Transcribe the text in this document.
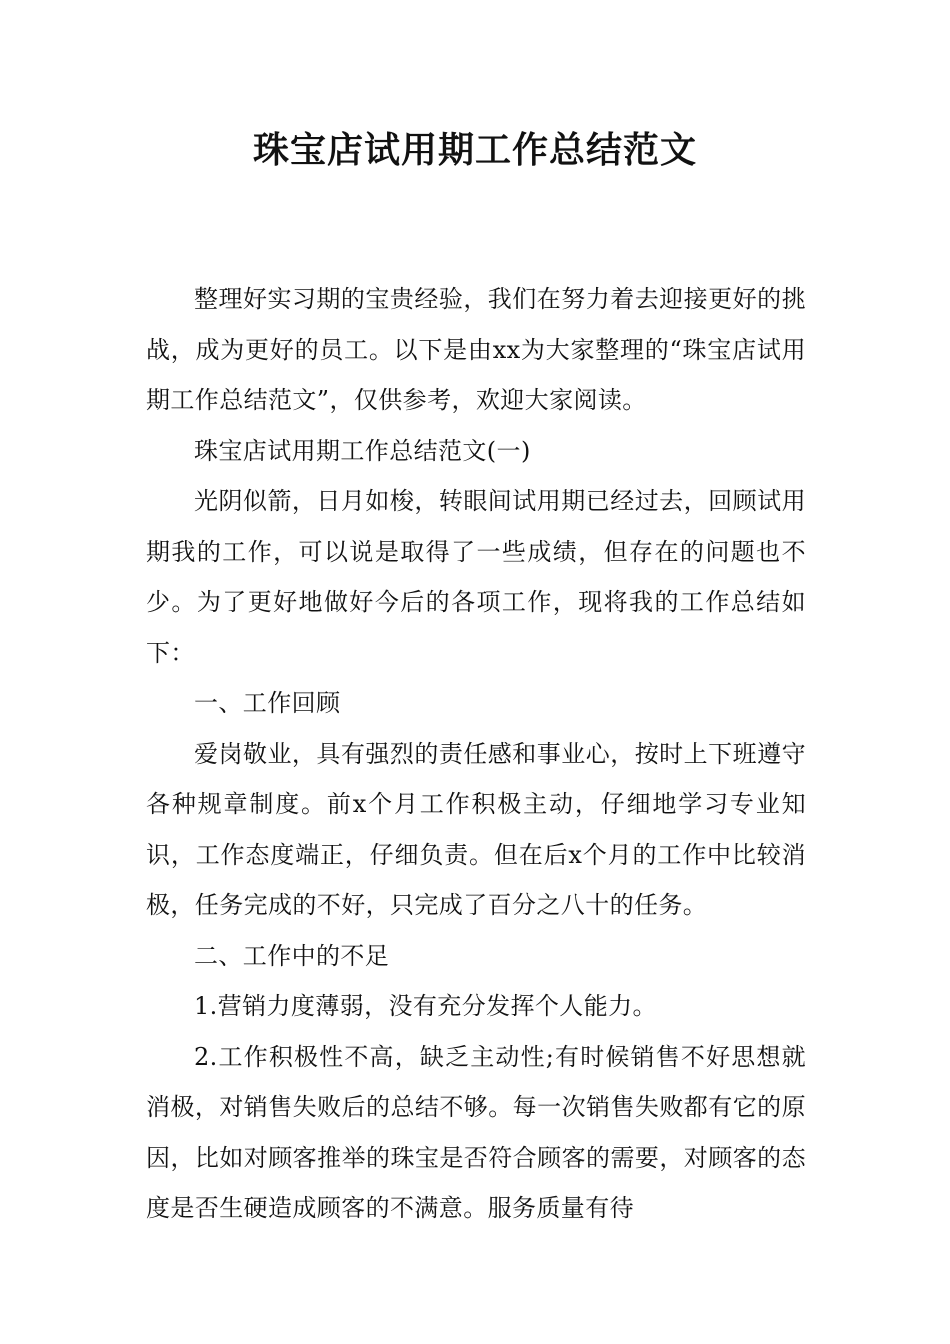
珠宝店试用期工作总结范文

整理好实习期的宝贵经验，我们在努力着去迎接更好的挑战，成为更好的员工。以下是由xx为大家整理的“珠宝店试用期工作总结范文”，仅供参考，欢迎大家阅读。

珠宝店试用期工作总结范文(一)

光阴似箭，日月如梭，转眼间试用期已经过去，回顾试用期我的工作，可以说是取得了一些成绩，但存在的问题也不少。为了更好地做好今后的各项工作，现将我的工作总结如下：

一、工作回顾

爱岗敬业，具有强烈的责任感和事业心，按时上下班遵守各种规章制度。前x个月工作积极主动，仔细地学习专业知识，工作态度端正，仔细负责。但在后x个月的工作中比较消极，任务完成的不好，只完成了百分之八十的任务。

二、工作中的不足

1.营销力度薄弱，没有充分发挥个人能力。

2.工作积极性不高，缺乏主动性;有时候销售不好思想就消极，对销售失败后的总结不够。每一次销售失败都有它的原因，比如对顾客推举的珠宝是否符合顾客的需要，对顾客的态度是否生硬造成顾客的不满意。服务质量有待
